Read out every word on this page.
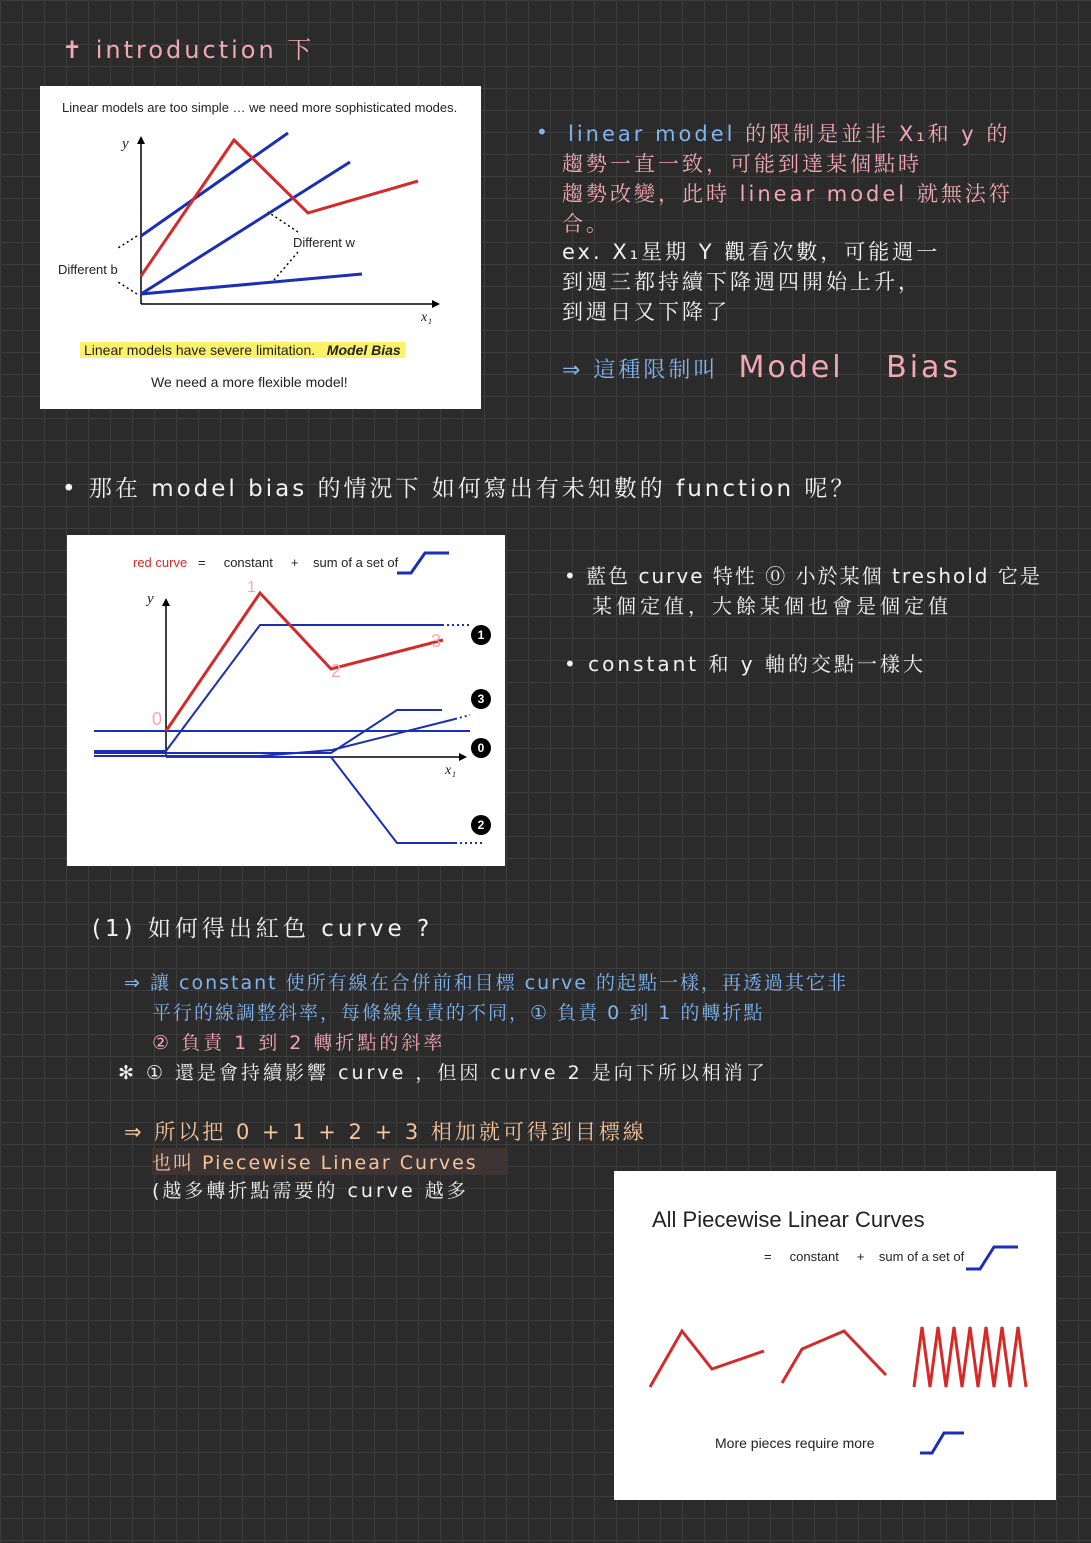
✝ introduction 下
Linear models are too simple … we need more sophisticated modes.
y
x₁
Different b
Different w
Linear models have severe limitation. Model Bias
We need a more flexible model!
• linear model 的限制是並非 X₁和 y 的
趨勢一直一致，可能到達某個點時
趨勢改變，此時 linear model 就無法符
合。
ex. X₁星期 Y 觀看次數，可能週一
到週三都持續下降週四開始上升，
到週日又下降了
⇒ 這種限制叫 Model Bias
• 那在 model bias 的情況下 如何寫出有未知數的 function 呢？
red curve = constant + sum of a set of
y
x₁
0
1
2
3	1
3
0
2
• 藍色 curve 特性 ⓪ 小於某個 treshold 它是
某個定值，大餘某個也會是個定值
• constant 和 y 軸的交點一樣大
(1) 如何得出紅色 curve ?
⇒ 讓 constant 使所有線在合併前和目標 curve 的起點一樣，再透過其它非
平行的線調整斜率，每條線負責的不同，① 負責 0 到 1 的轉折點
② 負責 1 到 2 轉折點的斜率
✻ ① 還是會持續影響 curve ，但因 curve 2 是向下所以相消了
⇒ 所以把 0 + 1 + 2 + 3 相加就可得到目標線
也叫 Piecewise Linear Curves
(越多轉折點需要的 curve 越多
All Piecewise Linear Curves
= constant + sum of a set of
More pieces require more
